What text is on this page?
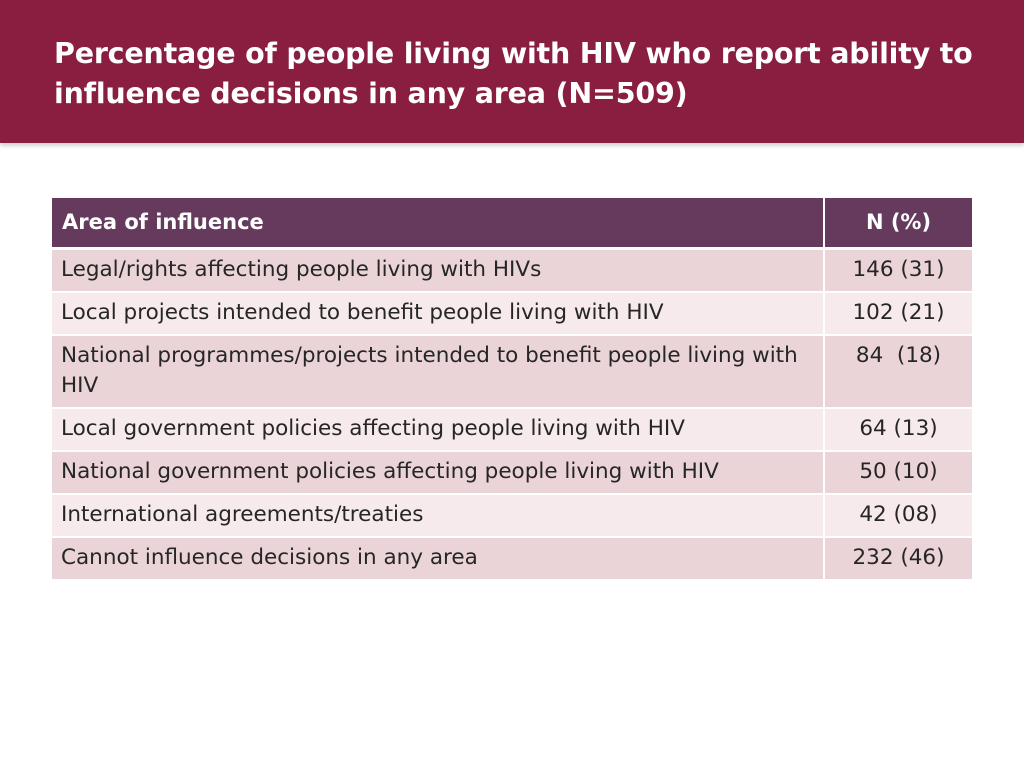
Percentage of people living with HIV who report ability to influence decisions in any area (N=509)
Area of influence	N (%)
Legal/rights affecting people living with HIVs	146 (31)
Local projects intended to benefit people living with HIV	102 (21)
National programmes/projects intended to benefit people living with HIV	84  (18)
Local government policies affecting people living with HIV	64 (13)
National government policies affecting people living with HIV	50 (10)
International agreements/treaties	42 (08)
Cannot influence decisions in any area	232 (46)
